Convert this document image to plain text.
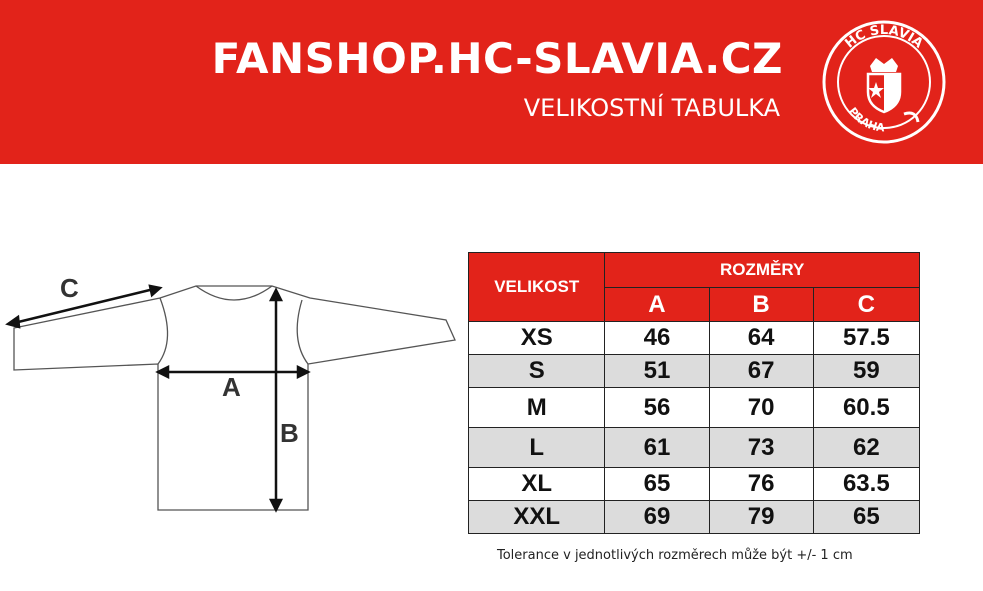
FANSHOP.HC-SLAVIA.CZ
VELIKOSTNÍ TABULKA
HC SLAVIA
PRAHA
C
A
B
VELIKOST	ROZMĚRY		
	A	B	C
XS	46	64	57.5
S	51	67	59
M	56	70	60.5
L	61	73	62
XL	65	76	63.5
XXL	69	79	65
Tolerance v jednotlivých rozměrech může být +/- 1 cm
